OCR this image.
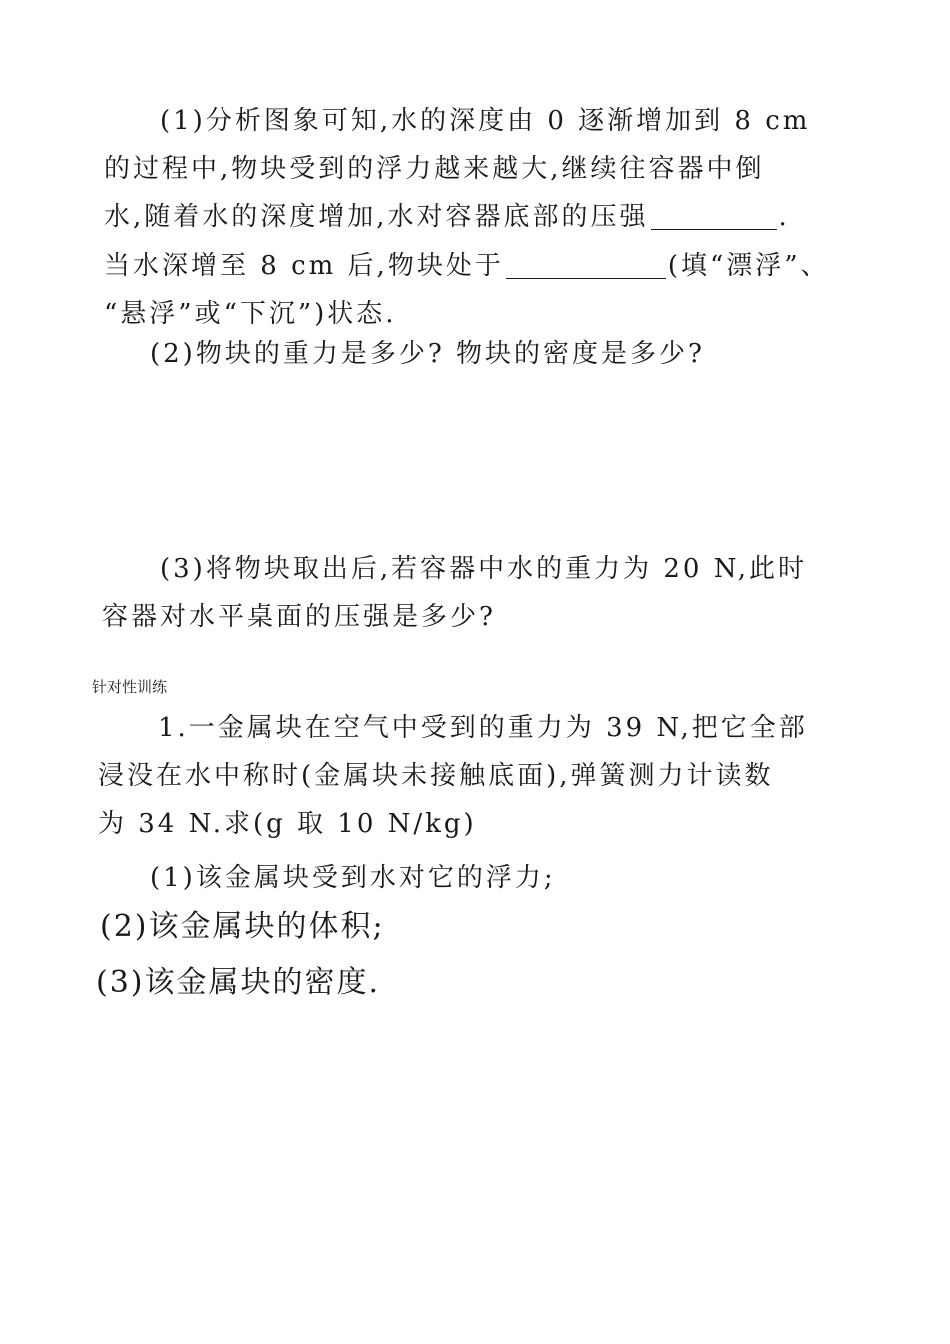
(1)分析图象可知,水的深度由 0 逐渐增加到 8 cm
的过程中,物块受到的浮力越来越大,继续往容器中倒
水,随着水的深度增加,水对容器底部的压强	.
当水深增至 8 cm 后,物块处于	(填“漂浮”、
“悬浮”或“下沉”)状态.
(2)物块的重力是多少? 物块的密度是多少?
(3)将物块取出后,若容器中水的重力为 20 N,此时
容器对水平桌面的压强是多少?
针对性训练
1.一金属块在空气中受到的重力为 39 N,把它全部
浸没在水中称时(金属块未接触底面),弹簧测力计读数
为 34 N.求(g 取 10 N/kg)
(1)该金属块受到水对它的浮力;
(2)该金属块的体积;
(3)该金属块的密度.
